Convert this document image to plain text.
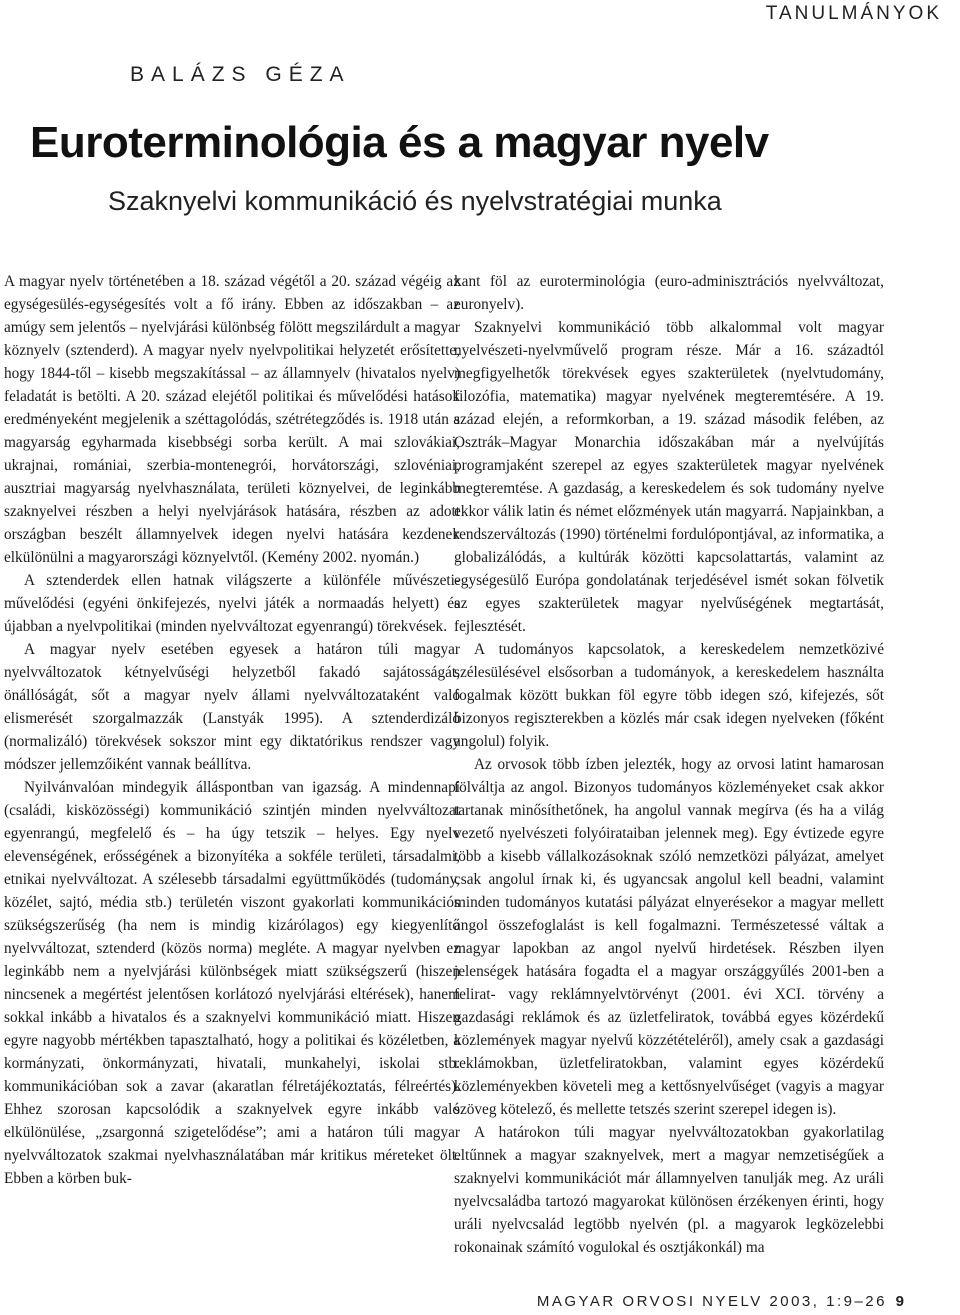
TANULMÁNYOK
BALÁZS GÉZA
Euroterminológia és a magyar nyelv
Szaknyelvi kommunikáció és nyelvstratégiai munka

A magyar nyelv történetében a 18. század végétől a 20. század végéig az egységesülés-egységesítés volt a fő irány. Ebben az időszakban – az amúgy sem jelentős – nyelvjárási különbség fölött megszilárdult a magyar köznyelv (sztenderd). A magyar nyelv nyelvpolitikai helyzetét erősítette, hogy 1844-től – kisebb megszakítással – az államnyelv (hivatalos nyelv) feladatát is betölti. A 20. század elejétől politikai és művelődési hatások eredményeként megjelenik a széttagolódás, szétrétegződés is. 1918 után a magyarság egyharmada kisebbségi sorba került. A mai szlovákiai, ukrajnai, romániai, szerbia-montenegrói, horvátországi, szlovéniai, ausztriai magyarság nyelvhasználata, területi köznyelvei, de leginkább szaknyelvei részben a helyi nyelvjárások hatására, részben az adott országban beszélt államnyelvek idegen nyelvi hatására kezdenek elkülönülni a magyarországi köznyelvtől. (Kemény 2002. nyomán.)

A sztenderdek ellen hatnak világszerte a különféle művészeti-művelődési (egyéni önkifejezés, nyelvi játék a normaadás helyett) és újabban a nyelvpolitikai (minden nyelvváltozat egyenrangú) törekvések.

A magyar nyelv esetében egyesek a határon túli magyar nyelvváltozatok kétnyelvűségi helyzetből fakadó sajátosságát, önállóságát, sőt a magyar nyelv állami nyelvváltozataként való elismerését szorgalmazzák (Lanstyák 1995). A sztenderdizáló (normalizáló) törekvések sokszor mint egy diktatórikus rendszer vagy módszer jellemzőiként vannak beállítva.

Nyilvánvalóan mindegyik álláspontban van igazság. A mindennapi (családi, kisközösségi) kommunikáció szintjén minden nyelvváltozat egyenrangú, megfelelő és – ha úgy tetszik – helyes. Egy nyelv elevenségének, erősségének a bizonyítéka a sokféle területi, társadalmi, etnikai nyelvváltozat. A szélesebb társadalmi együttműködés (tudomány, közélet, sajtó, média stb.) területén viszont gyakorlati kommunikációs szükségszerűség (ha nem is mindig kizárólagos) egy kiegyenlítő nyelvváltozat, sztenderd (közös norma) megléte. A magyar nyelvben ez leginkább nem a nyelvjárási különbségek miatt szükségszerű (hiszen nincsenek a megértést jelentősen korlátozó nyelvjárási eltérések), hanem sokkal inkább a hivatalos és a szaknyelvi kommunikáció miatt. Hiszen egyre nagyobb mértékben tapasztalható, hogy a politikai és közéletben, a kormányzati, önkormányzati, hivatali, munkahelyi, iskolai stb. kommunikációban sok a zavar (akaratlan félretájékoztatás, félreértés). Ehhez szorosan kapcsolódik a szaknyelvek egyre inkább való elkülönülése, „zsargonná szigetelődése”; ami a határon túli magyar nyelvváltozatok szakmai nyelvhasználatában már kritikus méreteket ölt. Ebben a körben buk-

kant föl az euroterminológia (euro-adminisztrációs nyelvváltozat, euronyelv).

Szaknyelvi kommunikáció több alkalommal volt magyar nyelvészeti-nyelvművelő program része. Már a 16. századtól megfigyelhetők törekvések egyes szakterületek (nyelvtudomány, filozófia, matematika) magyar nyelvének megteremtésére. A 19. század elején, a reformkorban, a 19. század második felében, az Osztrák–Magyar Monarchia időszakában már a nyelvújítás programjaként szerepel az egyes szakterületek magyar nyelvének megteremtése. A gazdaság, a kereskedelem és sok tudomány nyelve ekkor válik latin és német előzmények után magyarrá. Napjainkban, a rendszerváltozás (1990) történelmi fordulópontjával, az informatika, a globalizálódás, a kultúrák közötti kapcsolattartás, valamint az egységesülő Európa gondolatának terjedésével ismét sokan fölvetik az egyes szakterületek magyar nyelvűségének megtartását, fejlesztését.

A tudományos kapcsolatok, a kereskedelem nemzetközivé szélesülésével elsősorban a tudományok, a kereskedelem használta fogalmak között bukkan föl egyre több idegen szó, kifejezés, sőt bizonyos regiszterekben a közlés már csak idegen nyelveken (főként angolul) folyik.

Az orvosok több ízben jelezték, hogy az orvosi latint hamarosan fölváltja az angol. Bizonyos tudományos közleményeket csak akkor tartanak minősíthetőnek, ha angolul vannak megírva (és ha a világ vezető nyelvészeti folyóirataiban jelennek meg). Egy évtizede egyre több a kisebb vállalkozásoknak szóló nemzetközi pályázat, amelyet csak angolul írnak ki, és ugyancsak angolul kell beadni, valamint minden tudományos kutatási pályázat elnyerésekor a magyar mellett angol összefoglalást is kell fogalmazni. Természetessé váltak a magyar lapokban az angol nyelvű hirdetések. Részben ilyen jelenségek hatására fogadta el a magyar országgyűlés 2001-ben a felirat- vagy reklámnyelvtörvényt (2001. évi XCI. törvény a gazdasági reklámok és az üzletfeliratok, továbbá egyes közérdekű közlemények magyar nyelvű közzétételéről), amely csak a gazdasági reklámokban, üzletfeliratokban, valamint egyes közérdekű közleményekben követeli meg a kettősnyelvűséget (vagyis a magyar szöveg kötelező, és mellette tetszés szerint szerepel idegen is).

A határokon túli magyar nyelvváltozatokban gyakorlatilag eltűnnek a magyar szaknyelvek, mert a magyar nemzetiségűek a szaknyelvi kommunikációt már államnyelven tanulják meg. Az uráli nyelvcsaládba tartozó magyarokat különösen érzékenyen érinti, hogy uráli nyelvcsalád legtöbb nyelvén (pl. a magyarok legközelebbi rokonainak számító vogulokal és osztjákonkál) ma

MAGYAR ORVOSI NYELV 2003, 1:9–26 9
